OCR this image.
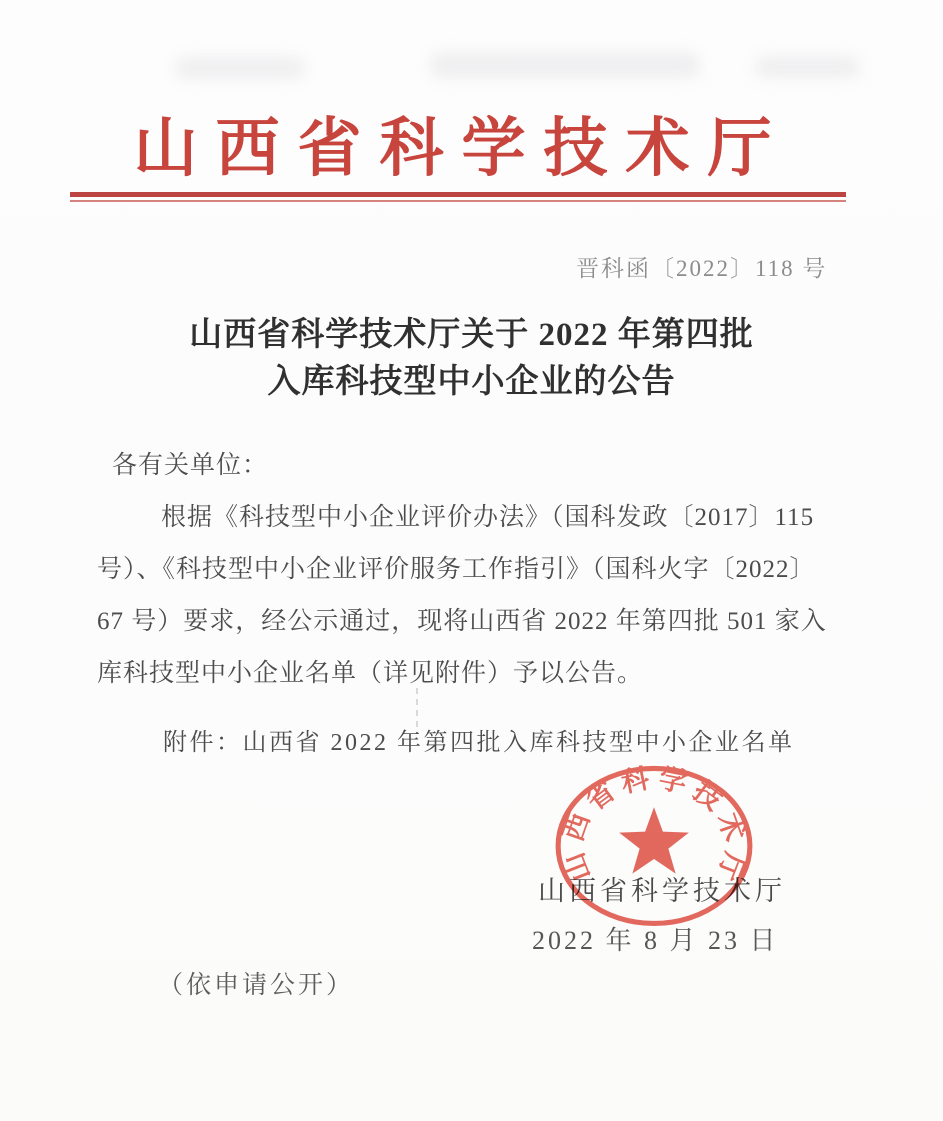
山西省科学技术厅
晋科函〔2022〕118 号
山西省科学技术厅关于 2022 年第四批
入库科技型中小企业的公告
各有关单位：
根据《科技型中小企业评价办法》（国科发政〔2017〕115
号）、《科技型中小企业评价服务工作指引》（国科火字〔2022〕
67 号）要求，经公示通过，现将山西省 2022 年第四批 501 家入
库科技型中小企业名单（详见附件）予以公告。
附件：山西省 2022 年第四批入库科技型中小企业名单
山西省科学技术厅
2022 年 8 月 23 日
（依申请公开）
山西省科学技术厅
